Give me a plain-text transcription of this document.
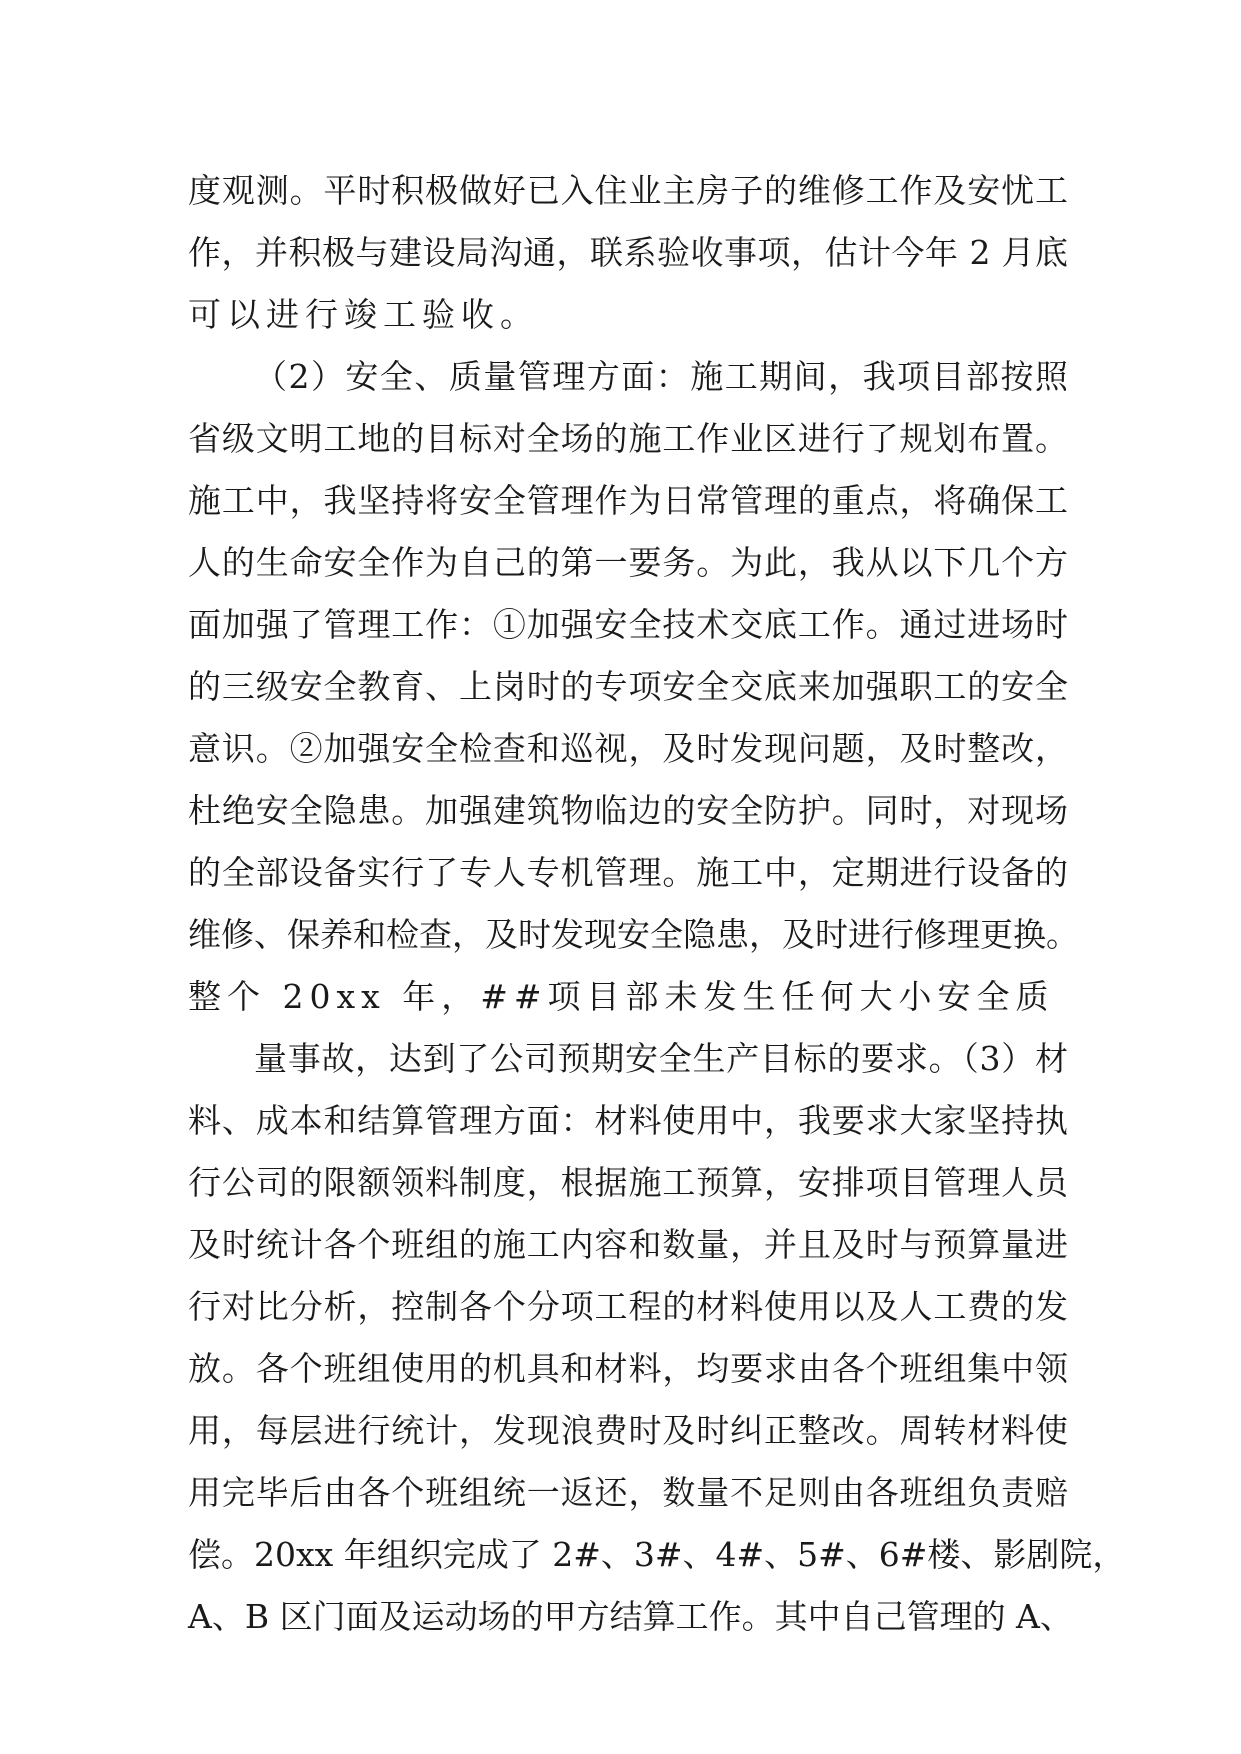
度观测。平时积极做好已入住业主房子的维修工作及安忧工
作，并积极与建设局沟通，联系验收事项，估计今年 2 月底
可以进行竣工验收。
（2）安全、质量管理方面：施工期间，我项目部按照
省级文明工地的目标对全场的施工作业区进行了规划布置。
施工中，我坚持将安全管理作为日常管理的重点，将确保工
人的生命安全作为自己的第一要务。为此，我从以下几个方
面加强了管理工作：①加强安全技术交底工作。通过进场时
的三级安全教育、上岗时的专项安全交底来加强职工的安全
意识。②加强安全检查和巡视，及时发现问题，及时整改，
杜绝安全隐患。加强建筑物临边的安全防护。同时，对现场
的全部设备实行了专人专机管理。施工中，定期进行设备的
维修、保养和检查，及时发现安全隐患，及时进行修理更换。
整个 20xx 年，##项目部未发生任何大小安全质
量事故，达到了公司预期安全生产目标的要求。（3）材
料、成本和结算管理方面：材料使用中，我要求大家坚持执
行公司的限额领料制度，根据施工预算，安排项目管理人员
及时统计各个班组的施工内容和数量，并且及时与预算量进
行对比分析，控制各个分项工程的材料使用以及人工费的发
放。各个班组使用的机具和材料，均要求由各个班组集中领
用，每层进行统计，发现浪费时及时纠正整改。周转材料使
用完毕后由各个班组统一返还，数量不足则由各班组负责赔
偿。20xx 年组织完成了 2#、3#、4#、5#、6#楼、影剧院，
A、B 区门面及运动场的甲方结算工作。其中自己管理的 A、
